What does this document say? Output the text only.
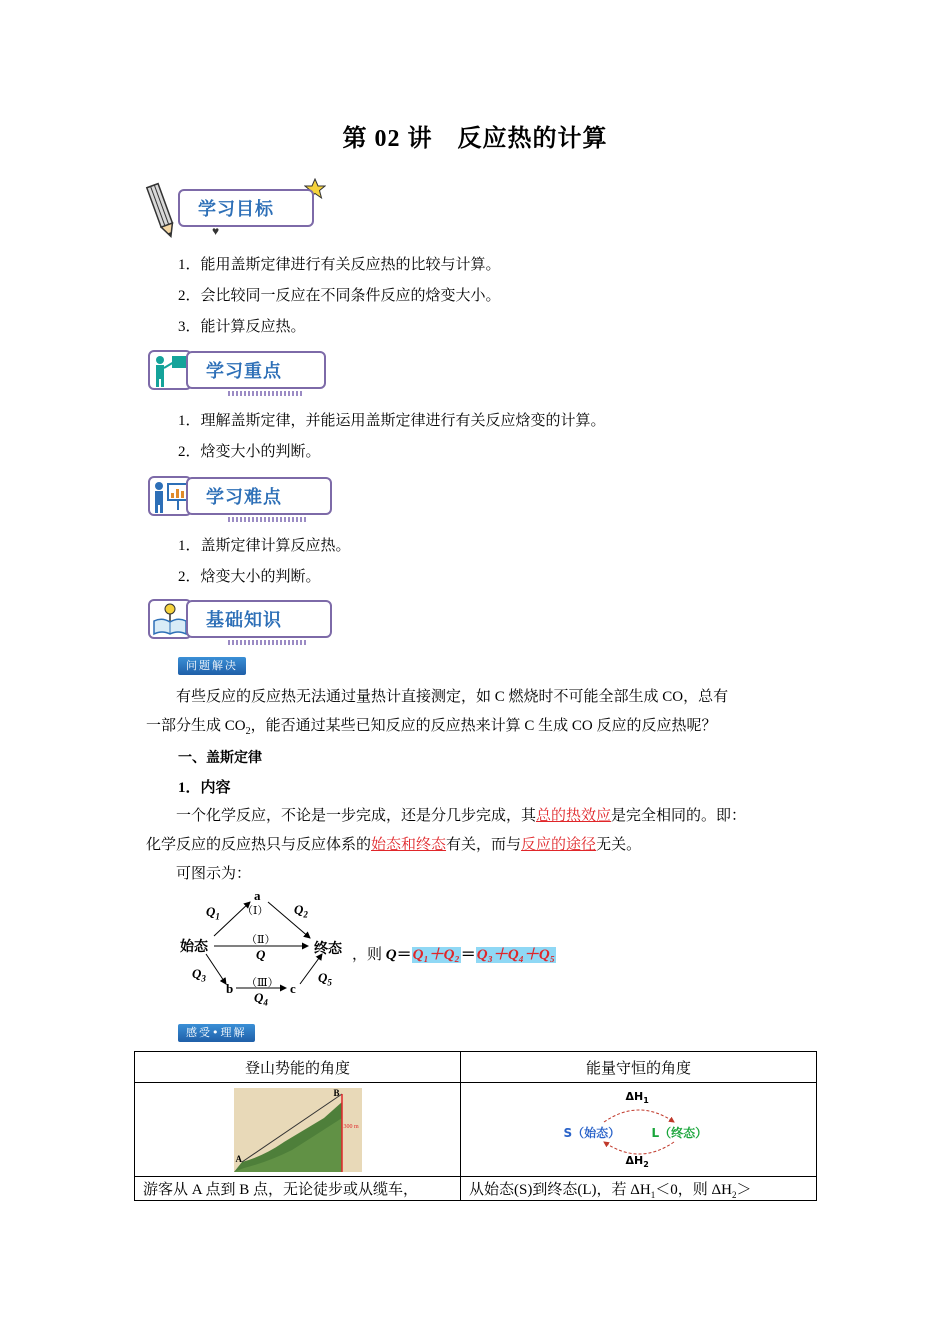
第 02 讲　反应热的计算
学习目标
♥
1．能用盖斯定律进行有关反应热的比较与计算。
2．会比较同一反应在不同条件反应的焓变大小。
3．能计算反应热。
学习重点
1．理解盖斯定律，并能运用盖斯定律进行有关反应焓变的计算。
2．焓变大小的判断。
学习难点
1．盖斯定律计算反应热。
2．焓变大小的判断。
基础知识
问题解决
有些反应的反应热无法通过量热计直接测定，如 C 燃烧时不可能全部生成 CO，总有
一部分生成 $CO_2$，能否通过某些已知反应的反应热来计算 C 生成 CO 反应的反应热呢？
一、盖斯定律
1．内容
一个化学反应，不论是一步完成，还是分几步完成，其总的热效应是完全相同的。即：
化学反应的反应热只与反应体系的始态和终态有关，而与反应的途径无关。
可图示为：
a
（Ⅰ）
$Q_1$	$Q_2$
始态	（Ⅱ）
Q	终态
$Q_3$	（Ⅲ）
b	c
$Q_4$
$Q_5$
，则 Q＝Q₁＋Q₂＝Q₃＋Q₄＋Q₅
感受•理解
登山势能的角度	能量守恒的角度

A
B
300 m	$\Delta H_1$
S（始态） L（终态）
$\Delta H_2$

游客从 A 点到 B 点，无论徒步或从缆车，	从始态(S)到终态(L)，若 $\Delta H_1<0$，则 $\Delta H_2>$
